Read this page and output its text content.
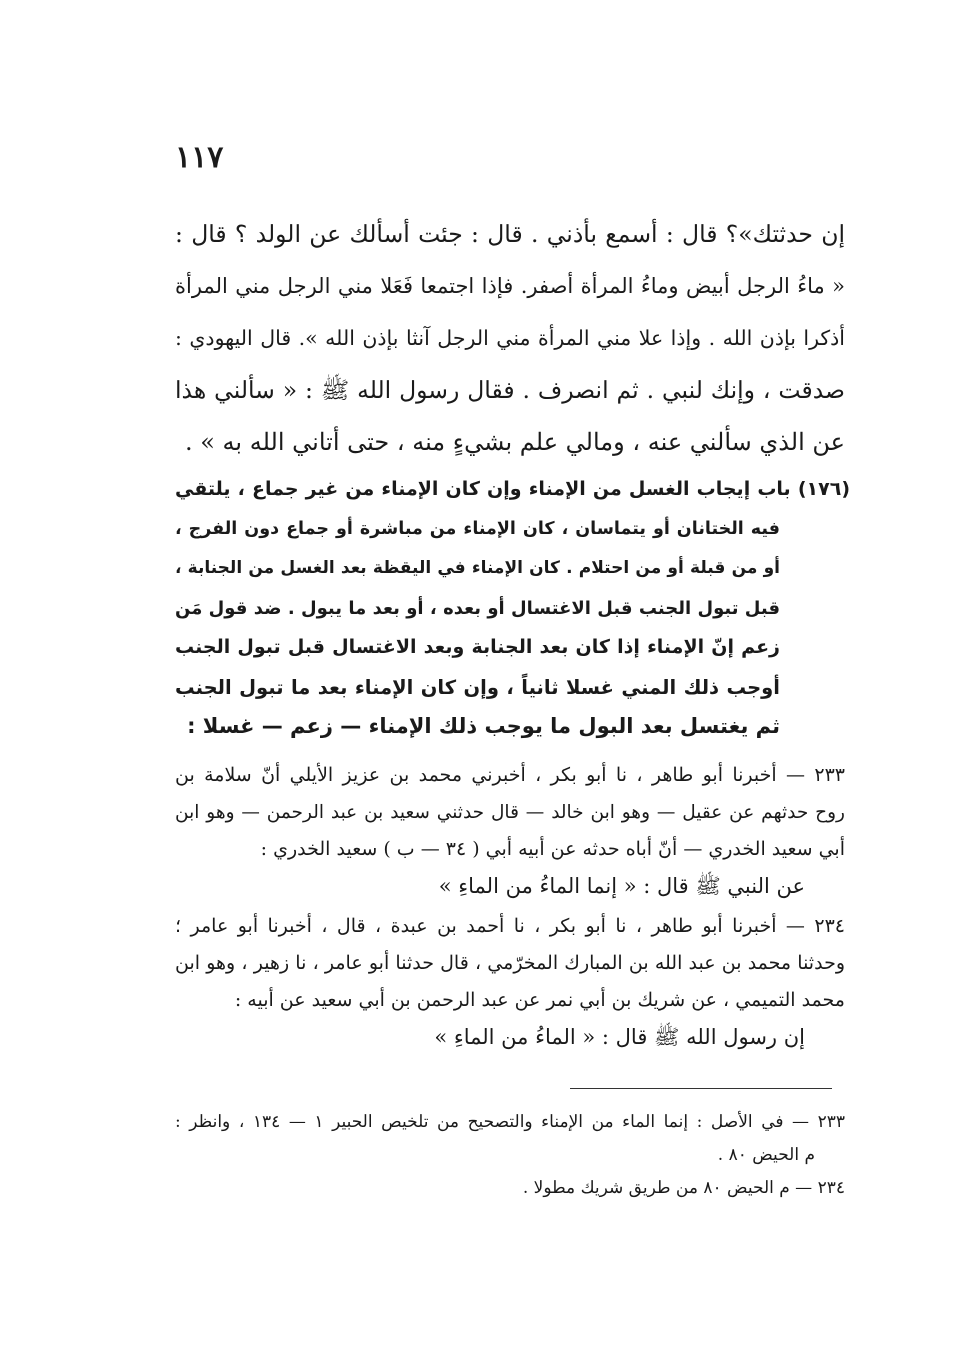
١١٧
إن حدثتك»؟ قال : أسمع بأذني . قال : جئت أسألك عن الولد ؟ قال :
« ماءُ الرجل أبيض وماءُ المرأة أصفر. فإذا اجتمعا فَعَلا مني الرجل مني المرأة
أذكرا بإذن الله . وإذا علا مني المرأة مني الرجل آنثا بإذن الله ». قال اليهودي :
صدقت ، وإنك لنبي . ثم انصرف . فقال رسول الله ﷺ : « سألني هذا
عن الذي سألني عنه ، ومالي علم بشيءٍ منه ، حتى أتاني الله به » .
(١٧٦) باب إيجاب الغسل من الإمناء وإن كان الإمناء من غير جماع ، يلتقي
فيه الختانان أو يتماسان ، كان الإمناء من مباشرة أو جماع دون الفرج ،
أو من قبلة أو من احتلام . كان الإمناء في اليقظة بعد الغسل من الجنابة ،
قبل تبول الجنب قبل الاغتسال أو بعده ، أو بعد ما يبول . ضد قول مَن
زعم إنّ الإمناء إذا كان بعد الجنابة وبعد الاغتسال قبل تبول الجنب
أوجب ذلك المني غسلا ثانياً ، وإن كان الإمناء بعد ما تبول الجنب
ثم يغتسل بعد البول ما يوجب ذلك الإمناء — زعم — غسلا :
٢٣٣ — أخبرنا أبو طاهر ، نا أبو بكر ، أخبرني محمد بن عزيز الأيلي أنّ سلامة بن
روح حدثهم عن عقيل — وهو ابن خالد — قال حدثني سعيد بن عبد الرحمن — وهو ابن
أبي سعيد الخدري — أنّ أباه حدثه عن أبيه أبي ( ٣٤ — ب ) سعيد الخدري :
عن النبي ﷺ قال : « إنما الماءُ من الماءِ »
٢٣٤ — أخبرنا أبو طاهر ، نا أبو بكر ، نا أحمد بن عبدة ، قال ، أخبرنا أبو عامر ؛
وحدثنا محمد بن عبد الله بن المبارك المخرّمي ، قال حدثنا أبو عامر ، نا زهير ، وهو ابن
محمد التميمي ، عن شريك بن أبي نمر عن عبد الرحمن بن أبي سعيد عن أبيه :
إن رسول الله ﷺ قال : « الماءُ من الماءِ »
٢٣٣ — في الأصل : إنما الماء من الإمناء والتصحيح من تلخيص الحبير ١ — ١٣٤ ، وانظر :
م الحيض ٨٠ .
٢٣٤ — م الحيض ٨٠ من طريق شريك مطولا .
